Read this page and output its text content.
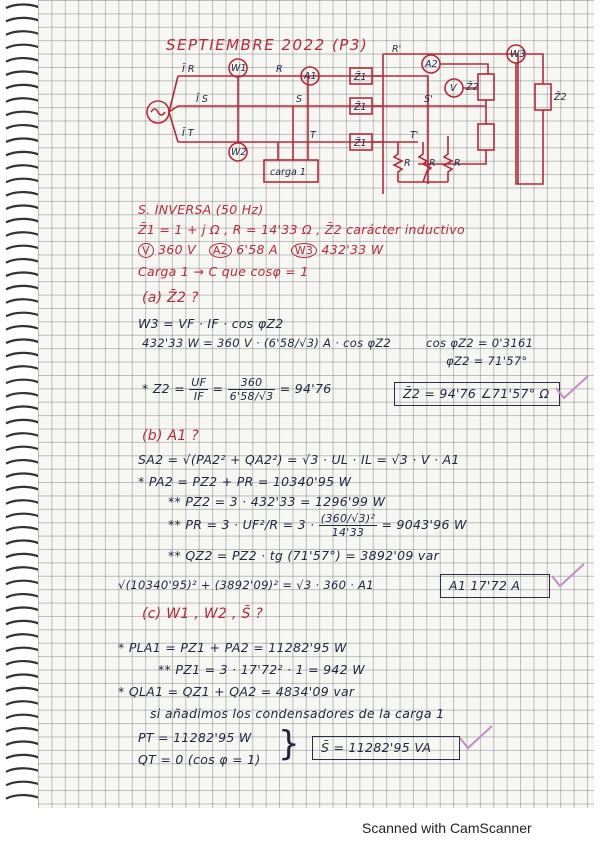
SEPTIEMBRE 2022 (P3)
Ī R
Ī S
Ī T
W1
W2
A1
A2
V
W3
Z̄1
Z̄1
Z̄1
Z̄2
Z̄2
R
S
T
R'
S'
T'
carga 1
R R R
S. INVERSA (50 Hz)
Z̄1 = 1 + j Ω , R = 14'33 Ω , Z̄2 carácter inductivo
V 360 V A2 6'58 A W3 432'33 W
Carga 1 → C que cosφ = 1
(a) Z̄2 ?
W3 = VF · IF · cos φZ2
432'33 W = 360 V · (6'58/√3) A · cos φZ2	cos φZ2 = 0'3161
φZ2 = 71'57°
* $Z2 = \frac{UF}{IF} = \frac{360}{6'58/√3} = 94'76$	Z̄2 = 94'76 ∠71'57° Ω
(b) A1 ?
SA2 = √(PA2² + QA2²) = √3 · UL · IL = √3 · V · A1
* PA2 = PZ2 + PR = 10340'95 W
** PZ2 = 3 · 432'33 = 1296'99 W
** PR = $3 \cdot UF^2/R = 3 \cdot \frac{\text{(360/√3)²}}{14'33} = 9043'96$ W
** QZ2 = PZ2 · tg (71'57°) = 3892'09 var
√(10340'95)² + (3892'09)² = √3 · 360 · A1	A1 17'72 A
(c) W1 , W2 , S̄ ?
* PLA1 = PZ1 + PA2 = 11282'95 W
** PZ1 = 3 · 17'72² · 1 = 942 W
* QLA1 = QZ1 + QA2 = 4834'09 var
si añadimos los condensadores de la carga 1
PT = 11282'95 W
QT = 0 (cos φ = 1) } S̄ = 11282'95 VA
Scanned with CamScanner
